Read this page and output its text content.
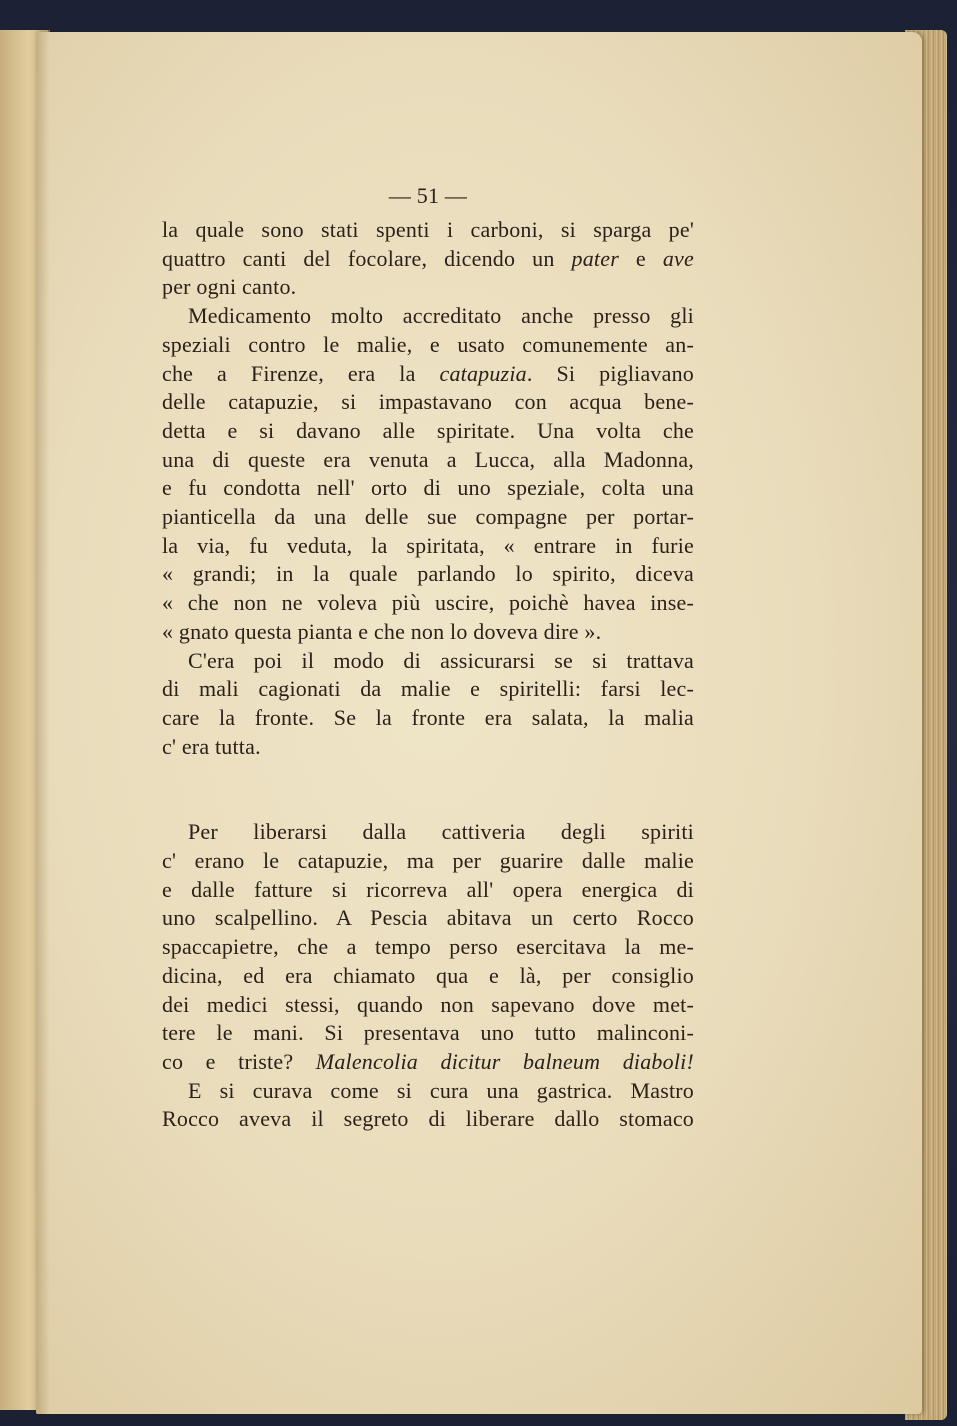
— 51 —
la quale sono stati spenti i carboni, si sparga pe'
quattro canti del focolare, dicendo un pater e ave
per ogni canto.
Medicamento molto accreditato anche presso gli
speziali contro le malie, e usato comunemente an-
che a Firenze, era la catapuzia. Si pigliavano
delle catapuzie, si impastavano con acqua bene-
detta e si davano alle spiritate. Una volta che
una di queste era venuta a Lucca, alla Madonna,
e fu condotta nell' orto di uno speziale, colta una
pianticella da una delle sue compagne per portar-
la via, fu veduta, la spiritata, « entrare in furie
« grandi; in la quale parlando lo spirito, diceva
« che non ne voleva più uscire, poichè havea inse-
« gnato questa pianta e che non lo doveva dire ».
C'era poi il modo di assicurarsi se si trattava
di mali cagionati da malie e spiritelli: farsi lec-
care la fronte. Se la fronte era salata, la malia
c' era tutta.
Per liberarsi dalla cattiveria degli spiriti
c' erano le catapuzie, ma per guarire dalle malie
e dalle fatture si ricorreva all' opera energica di
uno scalpellino. A Pescia abitava un certo Rocco
spaccapietre, che a tempo perso esercitava la me-
dicina, ed era chiamato qua e là, per consiglio
dei medici stessi, quando non sapevano dove met-
tere le mani. Si presentava uno tutto malinconi-
co e triste? Malencolia dicitur balneum diaboli!
E si curava come si cura una gastrica. Mastro
Rocco aveva il segreto di liberare dallo stomaco
